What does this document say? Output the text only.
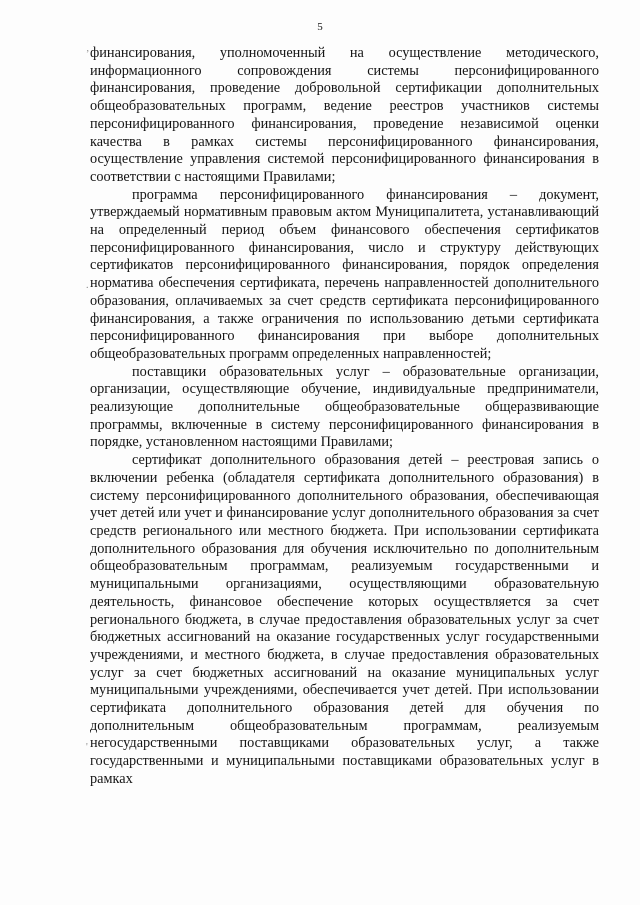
5
’
.
'

финансирования, уполномоченный на осуществление методического, информационного сопровождения системы персонифицированного финансирования, проведение добровольной сертификации дополнительных общеобразовательных программ, ведение реестров участников системы персонифицированного финансирования, проведение независимой оценки качества в рамках системы персонифицированного финансирования, осуществление управления системой персонифицированного финансирования в соответствии с настоящими Правилами;

программа персонифицированного финансирования – документ, утверждаемый нормативным правовым актом Муниципалитета, устанавливающий на определенный период объем финансового обеспечения сертификатов персонифицированного финансирования, число и структуру действующих сертификатов персонифицированного финансирования, порядок определения норматива обеспечения сертификата, перечень направленностей дополнительного образования, оплачиваемых за счет средств сертификата персонифицированного финансирования, а также ограничения по использованию детьми сертификата персонифицированного финансирования при выборе дополнительных общеобразовательных программ определенных направленностей;

поставщики образовательных услуг – образовательные организации, организации, осуществляющие обучение, индивидуальные предприниматели, реализующие дополнительные общеобразовательные общеразвивающие программы, включенные в систему персонифицированного финансирования в порядке, установленном настоящими Правилами;

сертификат дополнительного образования детей – реестровая запись о включении ребенка (обладателя сертификата дополнительного образования) в систему персонифицированного дополнительного образования, обеспечивающая учет детей или учет и финансирование услуг дополнительного образования за счет средств регионального или местного бюджета. При использовании сертификата дополнительного образования для обучения исключительно по дополнительным общеобразовательным программам, реализуемым государственными и муниципальными организациями, осуществляющими образовательную деятельность, финансовое обеспечение которых осуществляется за счет регионального бюджета, в случае предоставления образовательных услуг за счет бюджетных ассигнований на оказание государственных услуг государственными учреждениями, и местного бюджета, в случае предоставления образовательных услуг за счет бюджетных ассигнований на оказание муниципальных услуг муниципальными учреждениями, обеспечивается учет детей. При использовании сертификата дополнительного образования детей для обучения по дополнительным общеобразовательным программам, реализуемым негосударственными поставщиками образовательных услуг, а также государственными и муниципальными поставщиками образовательных услуг в рамках
